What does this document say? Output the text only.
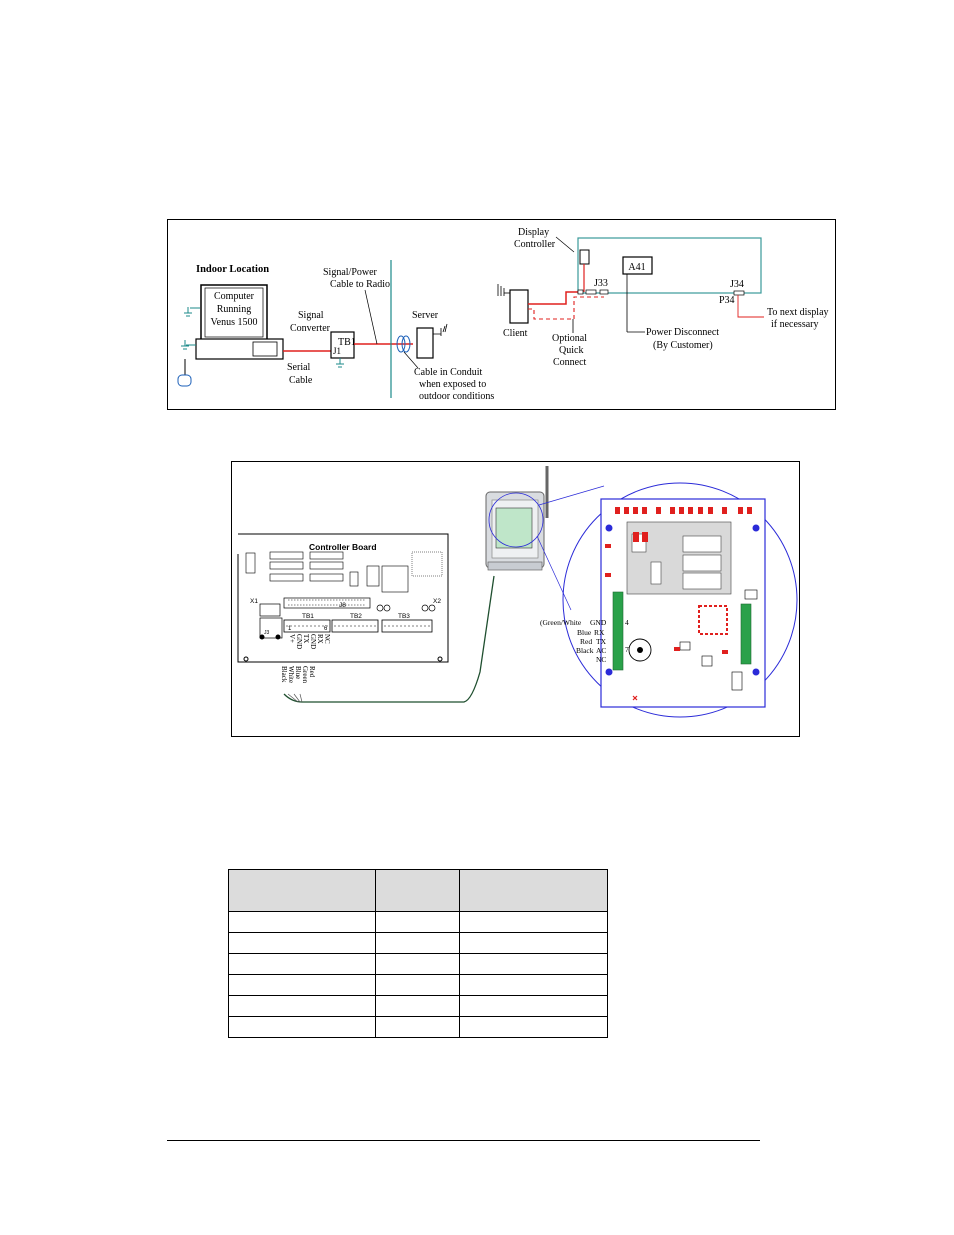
Indoor Location
Computer
Running
Venus 1500
Serial
Cable
Signal
Converter
TB1
J1
Signal/Power
Cable to Radio
Cable in Conduit
when exposed to
outdoor conditions
Server
Client
Display
Controller
A41
Power Disconnect
(By Customer)
J33
Optional
Quick
Connect
J34
P34
To next display
if necessary
Controller Board
J8
X1	X2
J3
TB1	TB2	TB3
1	6
V+ GND TX GND RX NC
Black White Blue Green Red
(Green/White GND
Blue RX
Red TX
Black AC
NC
4
7
